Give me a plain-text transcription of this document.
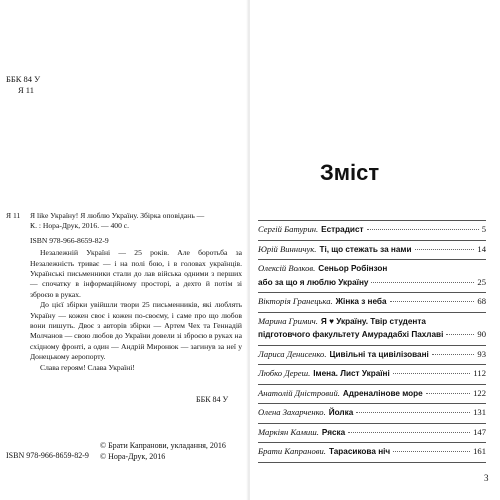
ББК 84 У
Я 11
Я 11	Я like Україну! Я люблю Україну. Збірка оповідань —
К. : Нора-Друк, 2016. — 400 с.
ISBN 978-966-8659-82-9

Незалежній Україні — 25 років. Але боротьба за Незалежність триває — і на полі бою, і в головах українців. Українські письменники стали до лав війська одними з перших — спочатку в інформаційному просторі, а дехто й потім зі зброєю в руках.

До цієї збірки увійшли твори 25 письменників, які люблять Україну — кожен своє і кожен по-своєму, і саме про що любов вони пишуть. Двоє з авторів збірки — Артем Чех та Геннадій Молчанов — свою любов до України довели зі зброєю в руках на східному фронті, а один — Андрій Миронюк — загинув за неї у Донецькому аеропорту.

Слава героям! Слава Україні!

ББК 84 У
© Брати Капранови, укладання, 2016
© Нора-Друк, 2016
ISBN 978-966-8659-82-9
Зміст
Сергій Батурин. Естрадист	5
Юрій Винничук. Ті, що стежать за нами	14
Олексій Волков. Сеньор Робінзон
або за що я люблю Україну	25
Вікторія Гранецька. Жінка з неба	68
Марина Гримич. Я ♥ Україну. Твір студента
підготовчого факультету Амурадабхі Пахлаві	90
Лариса Денисенко. Цивільні та цивілізовані	93
Любко Дереш. Імена. Лист Україні	112
Анатолій Дністровий. Адреналінове море	122
Олена Захарченко. Йолка	131
Маркіян Камиш. Ряска	147
Брати Капранови. Тарасикова ніч	161
3
